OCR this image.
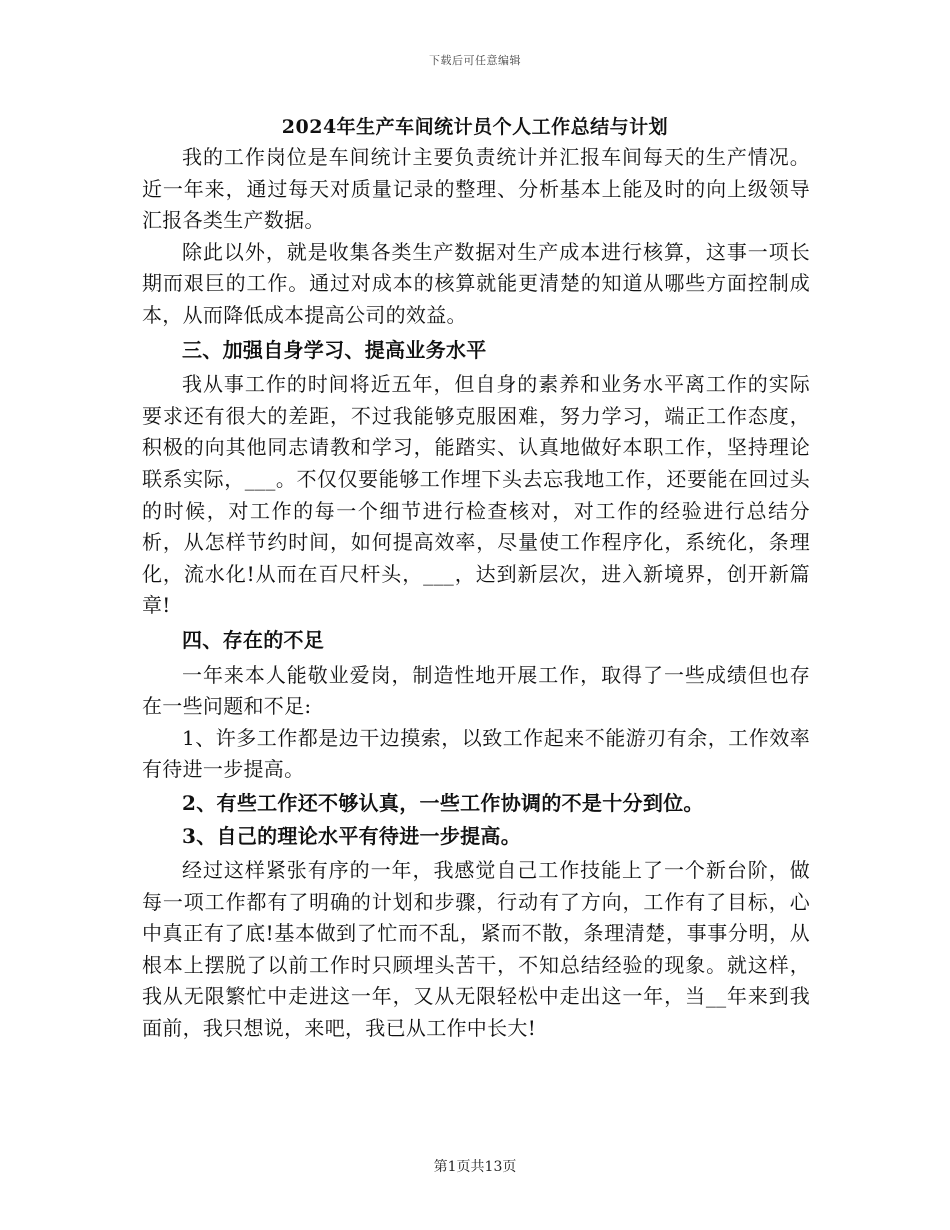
下载后可任意编辑
2024年生产车间统计员个人工作总结与计划

我的工作岗位是车间统计主要负责统计并汇报车间每天的生产情况。近一年来，通过每天对质量记录的整理、分析基本上能及时的向上级领导汇报各类生产数据。

除此以外，就是收集各类生产数据对生产成本进行核算，这事一项长期而艰巨的工作。通过对成本的核算就能更清楚的知道从哪些方面控制成本，从而降低成本提高公司的效益。

三、加强自身学习、提高业务水平

我从事工作的时间将近五年，但自身的素养和业务水平离工作的实际要求还有很大的差距，不过我能够克服困难，努力学习，端正工作态度，积极的向其他同志请教和学习，能踏实、认真地做好本职工作，坚持理论联系实际，___。不仅仅要能够工作埋下头去忘我地工作，还要能在回过头的时候，对工作的每一个细节进行检查核对，对工作的经验进行总结分析，从怎样节约时间，如何提高效率，尽量使工作程序化，系统化，条理化，流水化!从而在百尺杆头，___，达到新层次，进入新境界，创开新篇章!

四、存在的不足

一年来本人能敬业爱岗，制造性地开展工作，取得了一些成绩但也存在一些问题和不足:

1、许多工作都是边干边摸索，以致工作起来不能游刃有余，工作效率有待进一步提高。

2、有些工作还不够认真，一些工作协调的不是十分到位。

3、自己的理论水平有待进一步提高。

经过这样紧张有序的一年，我感觉自己工作技能上了一个新台阶，做每一项工作都有了明确的计划和步骤，行动有了方向，工作有了目标，心中真正有了底!基本做到了忙而不乱，紧而不散，条理清楚，事事分明，从根本上摆脱了以前工作时只顾埋头苦干，不知总结经验的现象。就这样，我从无限繁忙中走进这一年，又从无限轻松中走出这一年，当__年来到我面前，我只想说，来吧，我已从工作中长大!

第1页共13页
